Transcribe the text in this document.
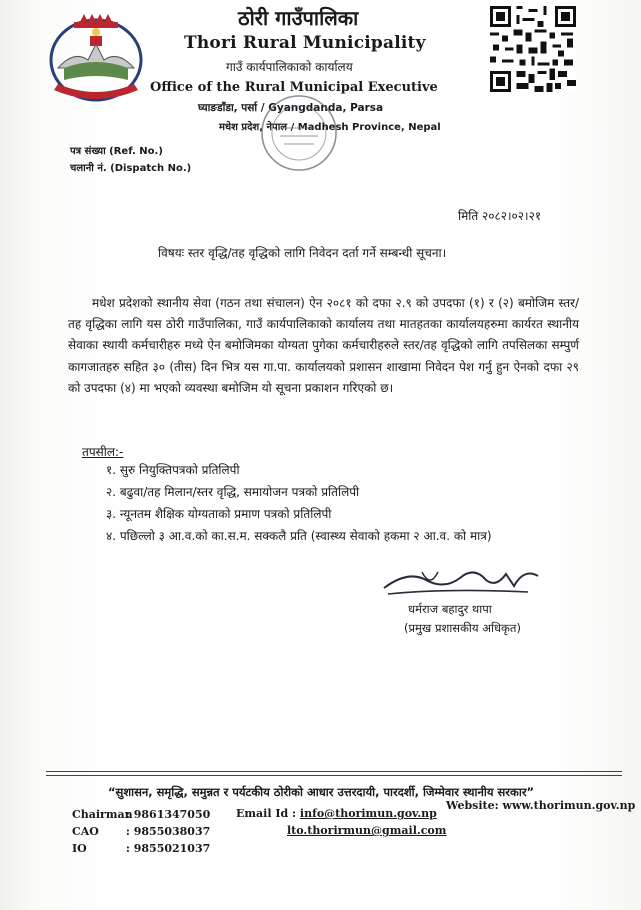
ठोरी गाउँपालिका
Thori Rural Municipality
गाउँ कार्यपालिकाको कार्यालय
Office of the Rural Municipal Executive
घ्याङडाँडा, पर्सा / Gyangdanda, Parsa
मधेश प्रदेश, नेपाल / Madhesh Province, Nepal
पत्र संख्या (Ref. No.)
चलानी नं. (Dispatch No.)
मिति २०८२।०२।२१
विषयः स्तर वृद्धि/तह वृद्धिको लागि निवेदन दर्ता गर्ने सम्बन्धी सूचना।

मधेश प्रदेशको स्थानीय सेवा (गठन तथा संचालन) ऐन २०८१ को दफा २.९ को उपदफा (१) र (२) बमोजिम स्तर/तह वृद्धिका लागि यस ठोरी गाउँपालिका, गाउँ कार्यपालिकाको कार्यालय तथा मातहतका कार्यालयहरुमा कार्यरत स्थानीय सेवाका स्थायी कर्मचारीहरु मध्ये ऐन बमोजिमका योग्यता पुगेका कर्मचारीहरुले स्तर/तह वृद्धिको लागि तपसिलका सम्पुर्ण कागजातहरु सहित ३० (तीस) दिन भित्र यस गा.पा. कार्यालयको प्रशासन शाखामा निवेदन पेश गर्नु हुन ऐनको दफा २९ को उपदफा (४) मा भएको व्यवस्था बमोजिम यो सूचना प्रकाशन गरिएको छ।

तपसील:-
१. सुरु नियुक्तिपत्रको प्रतिलिपी
२. बढुवा/तह मिलान/स्तर वृद्धि, समायोजन पत्रको प्रतिलिपी
३. न्यूनतम शैक्षिक योग्यताको प्रमाण पत्रको प्रतिलिपी
४. पछिल्लो ३ आ.व.को का.स.म. सक्कलै प्रति (स्वास्थ्य सेवाको हकमा २ आ.व. को मात्र)
धर्मराज बहादुर थापा
(प्रमुख प्रशासकीय अधिकृत)
“सुशासन, समृद्धि, समुन्नत र पर्यटकीय ठोरीको आधार उत्तरदायी, पारदर्शी, जिम्मेवार स्थानीय सरकार”
Chairman : 9861347050
CAO : 9855038037
IO	: 9855021037
Email Id : info@thorimun.gov.np
lto.thorirmun@gmail.com
Website: www.thorimun.gov.np
